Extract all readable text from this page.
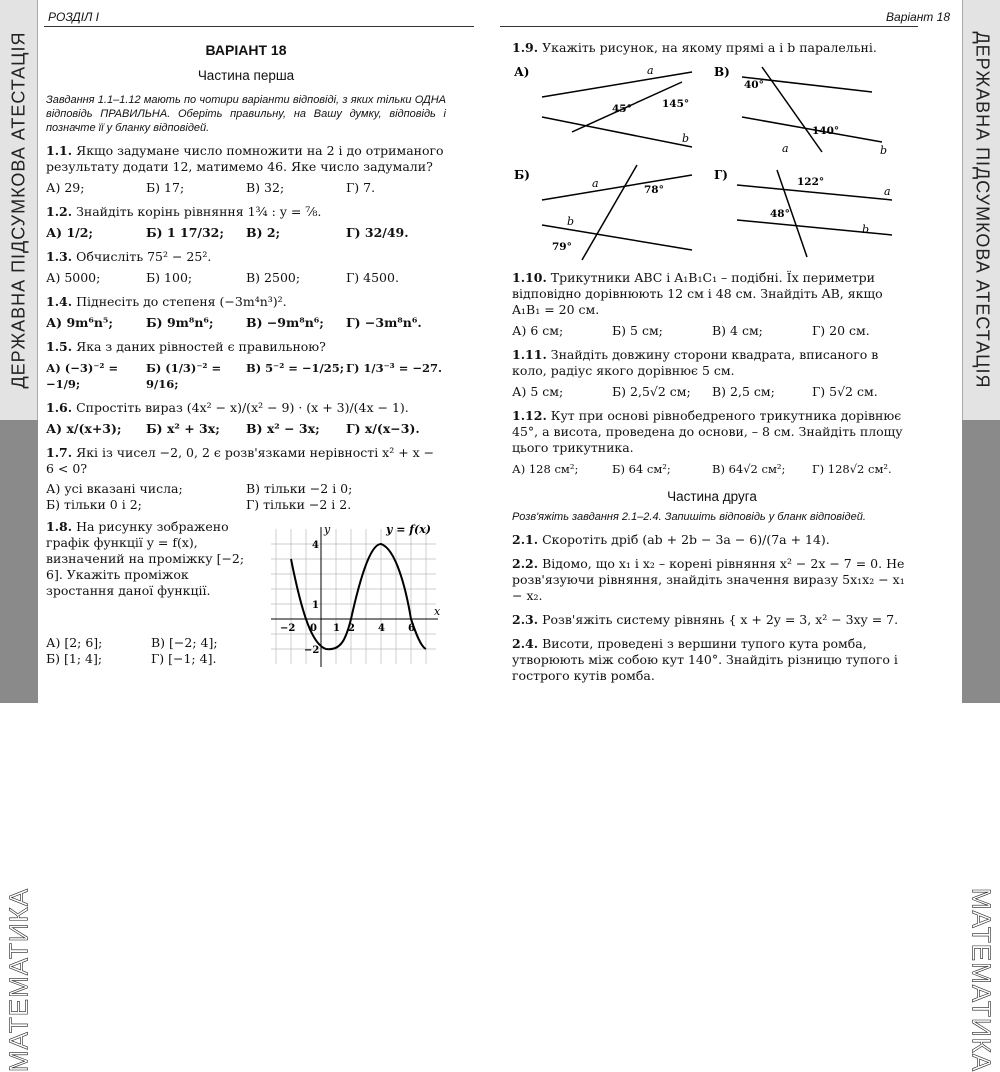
ДЕРЖАВНА ПІДСУМКОВА АТЕСТАЦІЯ
МАТЕМАТИКА
ДЕРЖАВНА ПІДСУМКОВА АТЕСТАЦІЯ
МАТЕМАТИКА
РОЗДІЛ І	Варіант 18
ВАРІАНТ 18
Частина перша
Завдання 1.1–1.12 мають по чотири варіанти відповіді, з яких тільки ОДНА відповідь ПРАВИЛЬНА. Оберіть правильну, на Вашу думку, відповідь і позначте її у бланку відповідей.
1.1. Якщо задумане число помножити на 2 і до отриманого результату додати 12, матимемо 46. Яке число задумали?
А) 29;	Б) 17;	В) 32;	Г) 7.
1.2. Знайдіть корінь рівняння 1³⁄₄ : y = ⁷⁄₈.
А) 1/2;	Б) 1 17/32;	В) 2;	Г) 32/49.
1.3. Обчисліть 75² − 25².
А) 5000;	Б) 100;	В) 2500;	Г) 4500.
1.4. Піднесіть до степеня (−3m⁴n³)².
А) 9m⁶n⁵;	Б) 9m⁸n⁶;	В) −9m⁸n⁶;	Г) −3m⁸n⁶.
1.5. Яка з даних рівностей є правильною?
А) (−3)⁻² = −1/9;
Б) (1/3)⁻² = 9/16;
В) 5⁻² = −1/25; Г) 1/3⁻³ = −27.
1.6. Спростіть вираз (4x² − x)/(x² − 9) · (x + 3)/(4x − 1).
А) x/(x+3);	Б) x² + 3x;	В) x² − 3x;	Г) x/(x−3).
1.7. Які із чисел −2, 0, 2 є розв'язками нерівності x² + x − 6 < 0?
А) усі вказані числа;	В) тільки −2 і 0;
Б) тільки 0 і 2;	Г) тільки −2 і 2.
1.8. На рисунку зображено графік функції y = f(x), визначений на проміжку [−2; 6]. Укажіть проміжок зростання даної функції.
А) [2; 6];	В) [−2; 4];
Б) [1; 4];	Г) [−1; 4].
y
x
y = f(x)
−2 0 1 2 4 6
4
1
−2
1.9. Укажіть рисунок, на якому прямі a і b паралельні.
А)	a
b
45°	145°
В)
a	b
40°
140°
Б)
a
b
78°
79°
Г)
a
b
122°
48°
1.10. Трикутники ABC і A₁B₁C₁ – подібні. Їх периметри відповідно дорівнюють 12 см і 48 см. Знайдіть AB, якщо A₁B₁ = 20 см.
А) 6 см;	Б) 5 см;	В) 4 см;	Г) 20 см.
1.11. Знайдіть довжину сторони квадрата, вписаного в коло, радіус якого дорівнює 5 см.
А) 5 см;	Б) 2,5√2 см;	В) 2,5 см;	Г) 5√2 см.
1.12. Кут при основі рівнобедреного трикутника дорівнює 45°, а висота, проведена до основи, – 8 см. Знайдіть площу цього трикутника.
А) 128 см²;	Б) 64 см²;	В) 64√2 см²;	Г) 128√2 см².
Частина друга
Розв'яжіть завдання 2.1–2.4. Запишіть відповідь у бланк відповідей.
2.1. Скоротіть дріб (ab + 2b − 3a − 6)/(7a + 14).
2.2. Відомо, що x₁ і x₂ – корені рівняння x² − 2x − 7 = 0. Не розв'язуючи рівняння, знайдіть значення виразу 5x₁x₂ − x₁ − x₂.
2.3. Розв'яжіть систему рівнянь { x + 2y = 3, x² − 3xy = 7.
2.4. Висоти, проведені з вершини тупого кута ромба, утворюють між собою кут 140°. Знайдіть різницю тупого і гострого кутів ромба.
